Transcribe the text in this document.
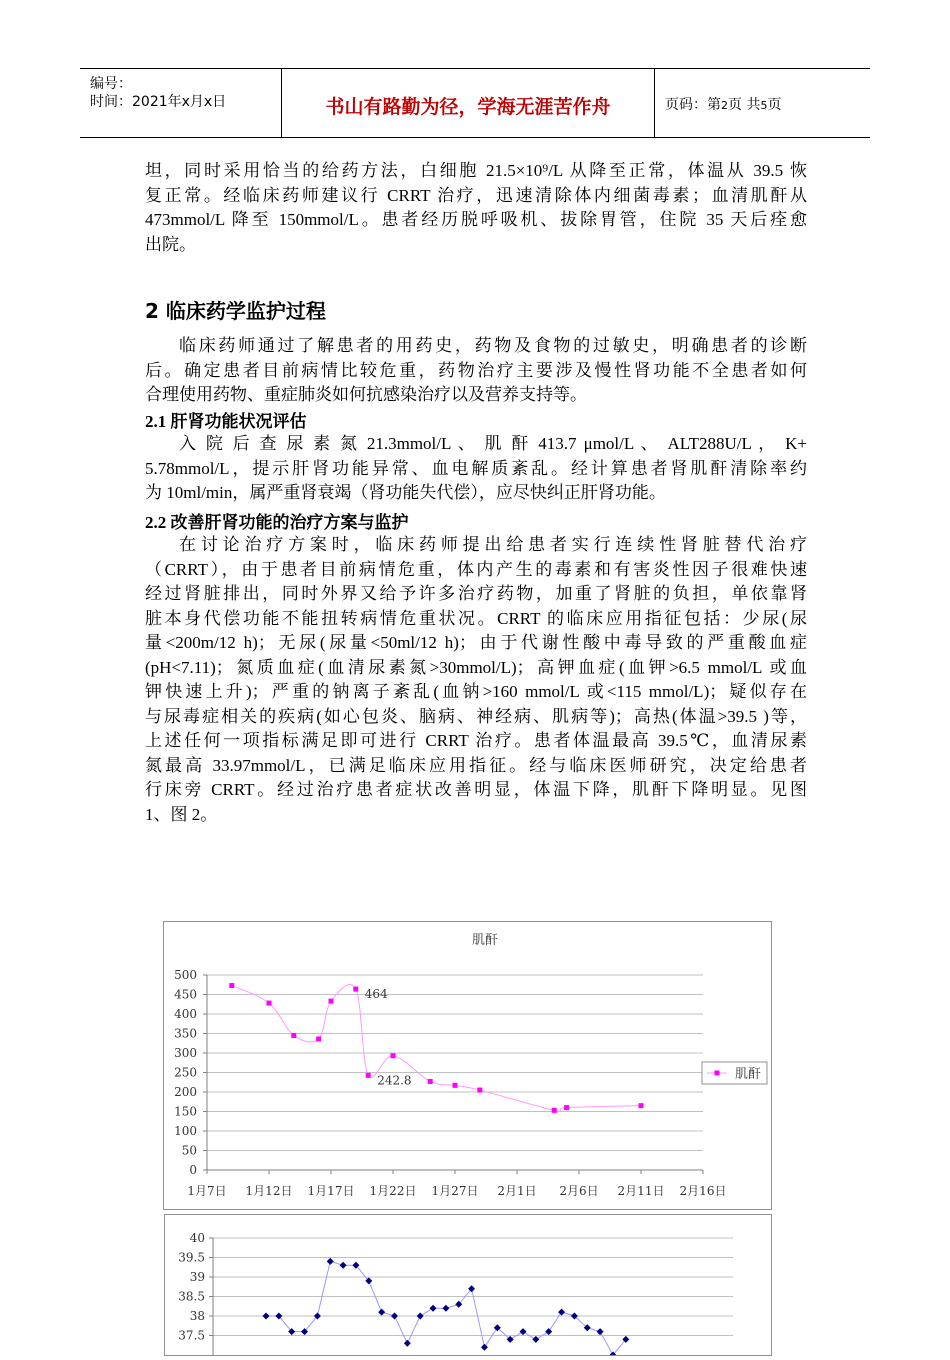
编号：
时间：2021年x月x日	书山有路勤为径，学海无涯苦作舟	页码：第2页 共5页
坦，同时采用恰当的给药方法，白细胞 21.5×10⁹/L 从降至正常，体温从 39.5 恢
复正常。经临床药师建议行 CRRT 治疗，迅速清除体内细菌毒素；血清肌酐从
473mmol/L 降至 150mmol/L。患者经历脱呼吸机、拔除胃管，住院 35 天后痊愈
出院。
2 临床药学监护过程
临床药师通过了解患者的用药史，药物及食物的过敏史，明确患者的诊断
后。确定患者目前病情比较危重，药物治疗主要涉及慢性肾功能不全患者如何
合理使用药物、重症肺炎如何抗感染治疗以及营养支持等。
2.1 肝肾功能状况评估
入 院 后 查 尿 素 氮 21.3mmol/L 、 肌 酐 413.7 μmol/L 、 ALT288U/L ， K+
5.78mmol/L，提示肝肾功能异常、血电解质紊乱。经计算患者肾肌酐清除率约
为 10ml/min，属严重肾衰竭（肾功能失代偿），应尽快纠正肝肾功能。
2.2 改善肝肾功能的治疗方案与监护
在讨论治疗方案时，临床药师提出给患者实行连续性肾脏替代治疗
（CRRT），由于患者目前病情危重，体内产生的毒素和有害炎性因子很难快速
经过肾脏排出，同时外界又给予许多治疗药物，加重了肾脏的负担，单依靠肾
脏本身代偿功能不能扭转病情危重状况。CRRT 的临床应用指征包括：少尿(尿
量<200m/12 h)；无尿(尿量<50ml/12 h)；由于代谢性酸中毒导致的严重酸血症
(pH<7.11)；氮质血症(血清尿素氮>30mmol/L)；高钾血症(血钾>6.5 mmol/L 或血
钾快速上升)；严重的钠离子紊乱(血钠>160 mmol/L 或<115 mmol/L)；疑似存在
与尿毒症相关的疾病(如心包炎、脑病、神经病、肌病等)；高热(体温>39.5 )等，
上述任何一项指标满足即可进行 CRRT 治疗。患者体温最高 39.5℃，血清尿素
氮最高 33.97mmol/L，已满足临床应用指征。经与临床医师研究，决定给患者
行床旁 CRRT。经过治疗患者症状改善明显，体温下降，肌酐下降明显。见图
1、图 2。
肌酐
0
50
100
150
200
250
300
350
400
450
500
1月7日 1月12日 1月17日 1月22日 1月27日 2月1日 2月6日 2月11日 2月16日
464
242.8	肌酐
37.5
38
38.5
39
39.5
40
